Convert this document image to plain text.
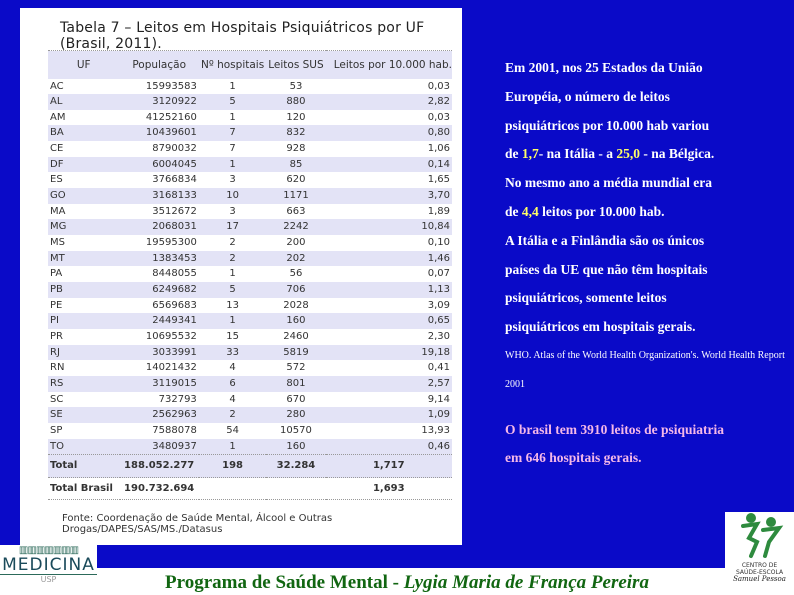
Tabela 7 – Leitos em Hospitais Psiquiátricos por UF (Brasil, 2011).
UF	População	Nº hospitais	Leitos SUS	Leitos por 10.000 hab.
AC	15993583	1	53	0,03
AL	3120922	5	880	2,82
AM	41252160	1	120	0,03
BA	10439601	7	832	0,80
CE	8790032	7	928	1,06
DF	6004045	1	85	0,14
ES	3766834	3	620	1,65
GO	3168133	10	1171	3,70
MA	3512672	3	663	1,89
MG	2068031	17	2242	10,84
MS	19595300	2	200	0,10
MT	1383453	2	202	1,46
PA	8448055	1	56	0,07
PB	6249682	5	706	1,13
PE	6569683	13	2028	3,09
PI	2449341	1	160	0,65
PR	10695532	15	2460	2,30
RJ	3033991	33	5819	19,18
RN	14021432	4	572	0,41
RS	3119015	6	801	2,57
SC	732793	4	670	9,14
SE	2562963	2	280	1,09
SP	7588078	54	10570	13,93
TO	3480937	1	160	0,46
Total	188.052.277	198	32.284	1,717
Total Brasil	190.732.694			1,693
Fonte: Coordenação de Saúde Mental, Álcool e Outras Drogas/DAPES/SAS/MS./Datasus

Em 2001, nos 25 Estados da União

Européia, o número de leitos

psiquiátricos por 10.000 hab variou

de 1,7- na Itália - a 25,0 - na Bélgica.

No mesmo ano a média mundial era

de 4,4 leitos por 10.000 hab.

A Itália e a Finlândia são os únicos

países da UE que não têm hospitais

psiquiátricos, somente leitos

psiquiátricos em hospitais gerais.

WHO. Atlas of the World Health Organization's. World Health Report 2001

O brasil tem 3910 leitos de psiquiatria

em 646 hospitais gerais.

▥▥▥▥▥▥▥
MEDICINA
USP	Programa de Saúde Mental - Lygia Maria de França Pereira
CENTRO DE
SAÚDE-ESCOLA
Samuel Pessoa
